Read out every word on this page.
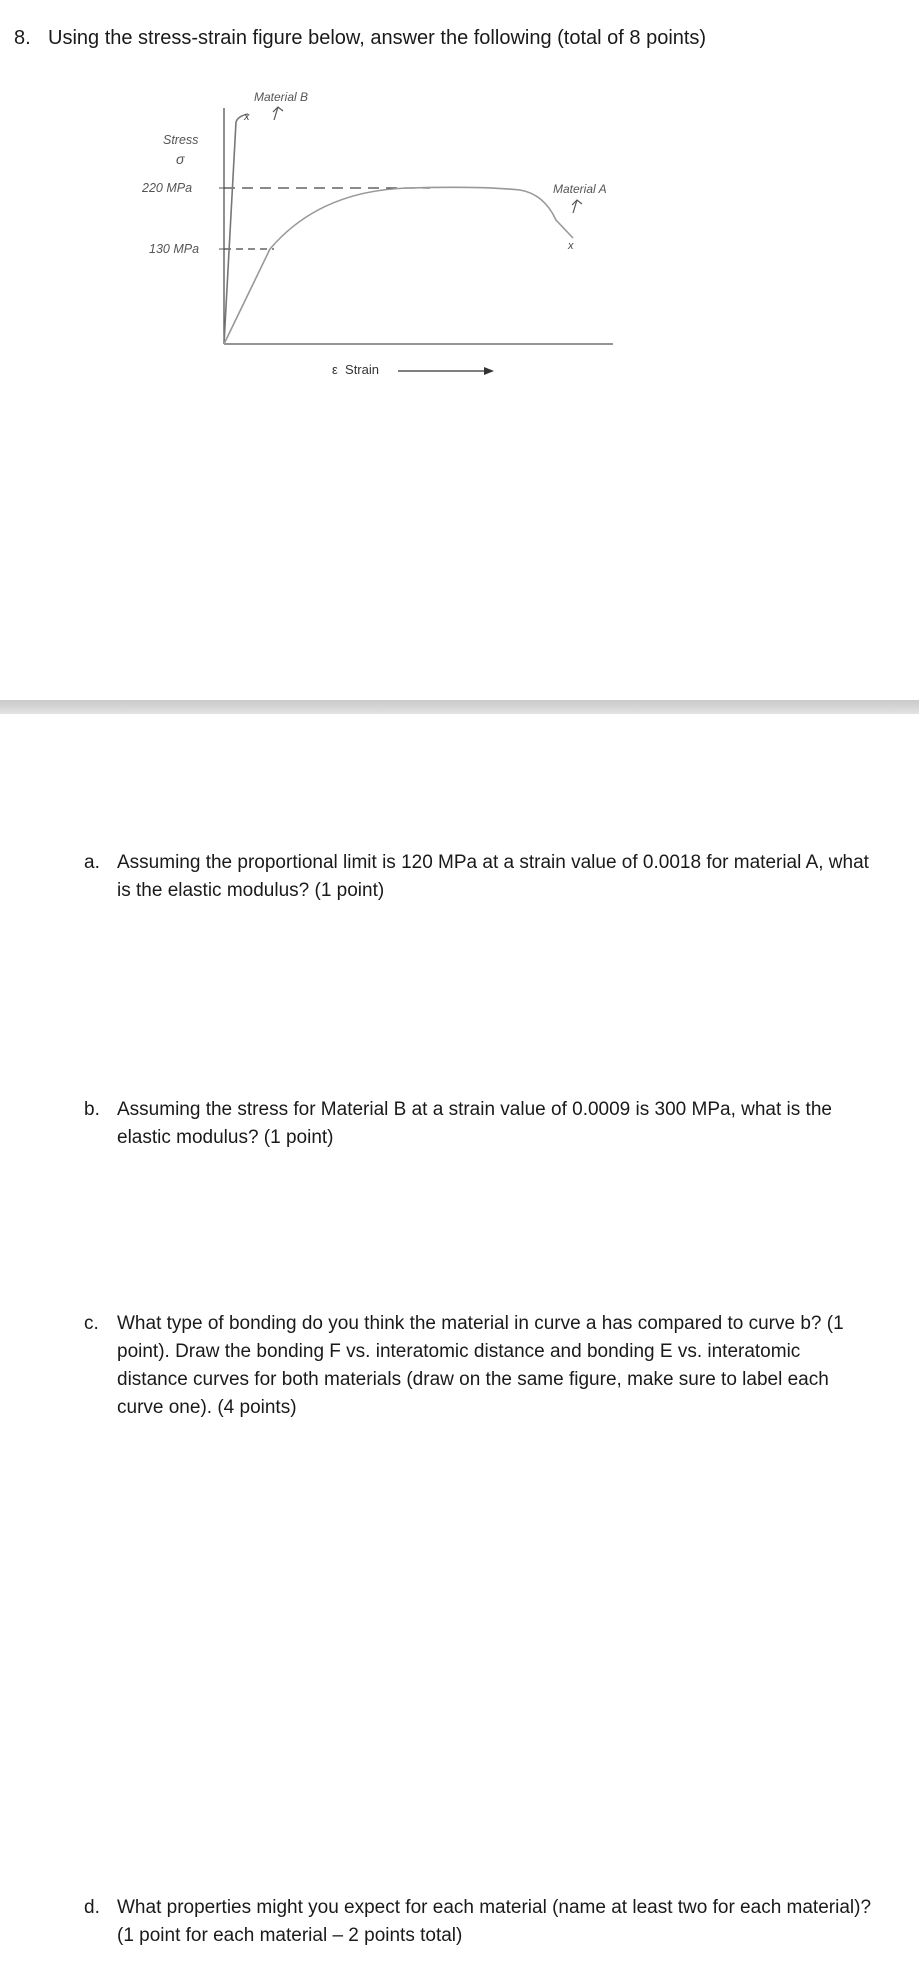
8. Using the stress-strain figure below, answer the following (total of 8 points)
Stress
σ
220 MPa
130 MPa
x
Material B
x
Material A
ε  Strain
a. Assuming the proportional limit is 120 MPa at a strain value of 0.0018 for material A, what is the elastic modulus? (1 point)
b. Assuming the stress for Material B at a strain value of 0.0009 is 300 MPa, what is the elastic modulus? (1 point)
c. What type of bonding do you think the material in curve a has compared to curve b? (1 point). Draw the bonding F vs. interatomic distance and bonding E vs. interatomic distance curves for both materials (draw on the same figure, make sure to label each curve one). (4 points)
d. What properties might you expect for each material (name at least two for each material)? (1 point for each material – 2 points total)
